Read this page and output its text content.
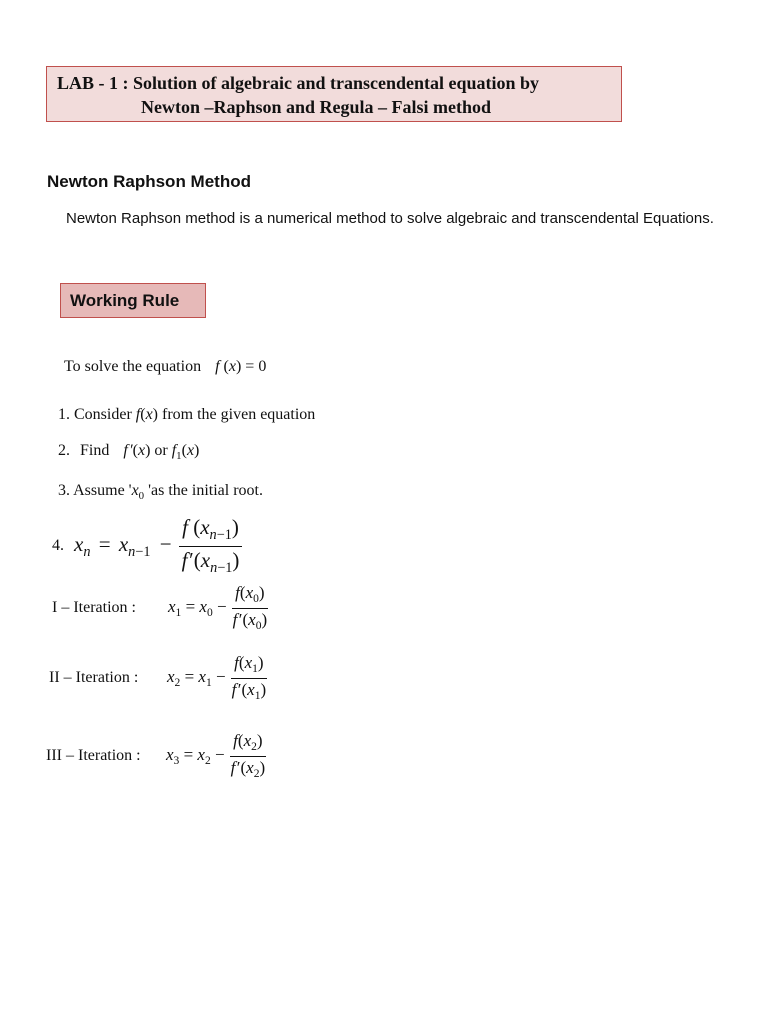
LAB - 1 : Solution of algebraic and transcendental equation by
Newton –Raphson and Regula – Falsi method
Newton Raphson Method
Newton Raphson method is a numerical method to solve algebraic and transcendental Equations.
Working Rule
To solve the equation f (x) = 0
1. Consider f(x) from the given equation
2. Find f ′(x) or $f_1(x)$
3. Assume '$x_0$ 'as the initial root.
4. $x_n = x_{n-1} - \frac{f (x_{n-1})}{f '(x_{n-1})}$
I – Iteration :	$x_1 = x_0 - \frac{f(x_0)}{f '(x_0)}$
II – Iteration :	$x_2 = x_1 - \frac{f(x_1)}{f '(x_1)}$
III – Iteration :	$x_3 = x_2 - \frac{f(x_2)}{f '(x_2)}$
